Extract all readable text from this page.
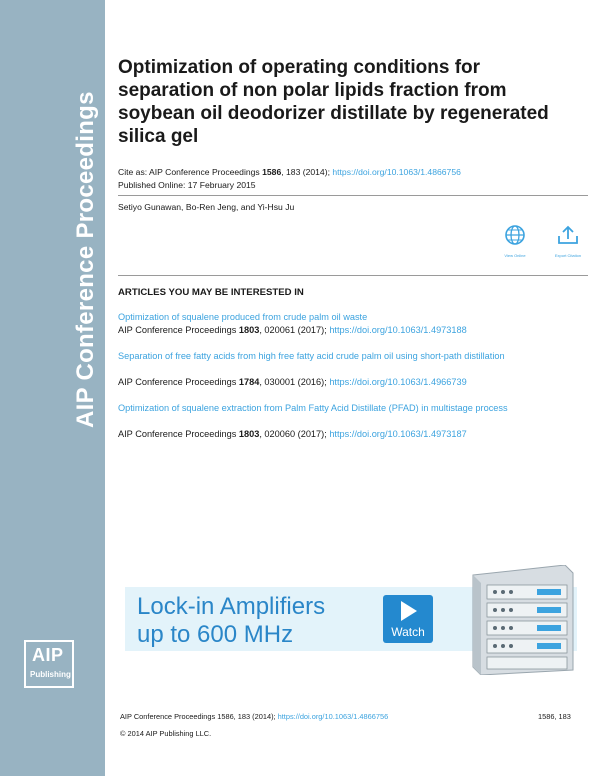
AIP Conference Proceedings
AIP
Publishing
Optimization of operating conditions for separation of non polar lipids fraction from soybean oil deodorizer distillate by regenerated silica gel
Cite as: AIP Conference Proceedings 1586, 183 (2014); https://doi.org/10.1063/1.4866756
Published Online: 17 February 2015
Setiyo Gunawan, Bo-Ren Jeng, and Yi-Hsu Ju
View Online	Export Citation
ARTICLES YOU MAY BE INTERESTED IN
Optimization of squalene produced from crude palm oil waste
AIP Conference Proceedings 1803, 020061 (2017); https://doi.org/10.1063/1.4973188
Separation of free fatty acids from high free fatty acid crude palm oil using short-path distillation
AIP Conference Proceedings 1784, 030001 (2016); https://doi.org/10.1063/1.4966739
Optimization of squalene extraction from Palm Fatty Acid Distillate (PFAD) in multistage process
AIP Conference Proceedings 1803, 020060 (2017); https://doi.org/10.1063/1.4973187
Lock-in Amplifiers
up to 600 MHz	Watch
AIP Conference Proceedings 1586, 183 (2014); https://doi.org/10.1063/1.4866756	1586, 183
© 2014 AIP Publishing LLC.
